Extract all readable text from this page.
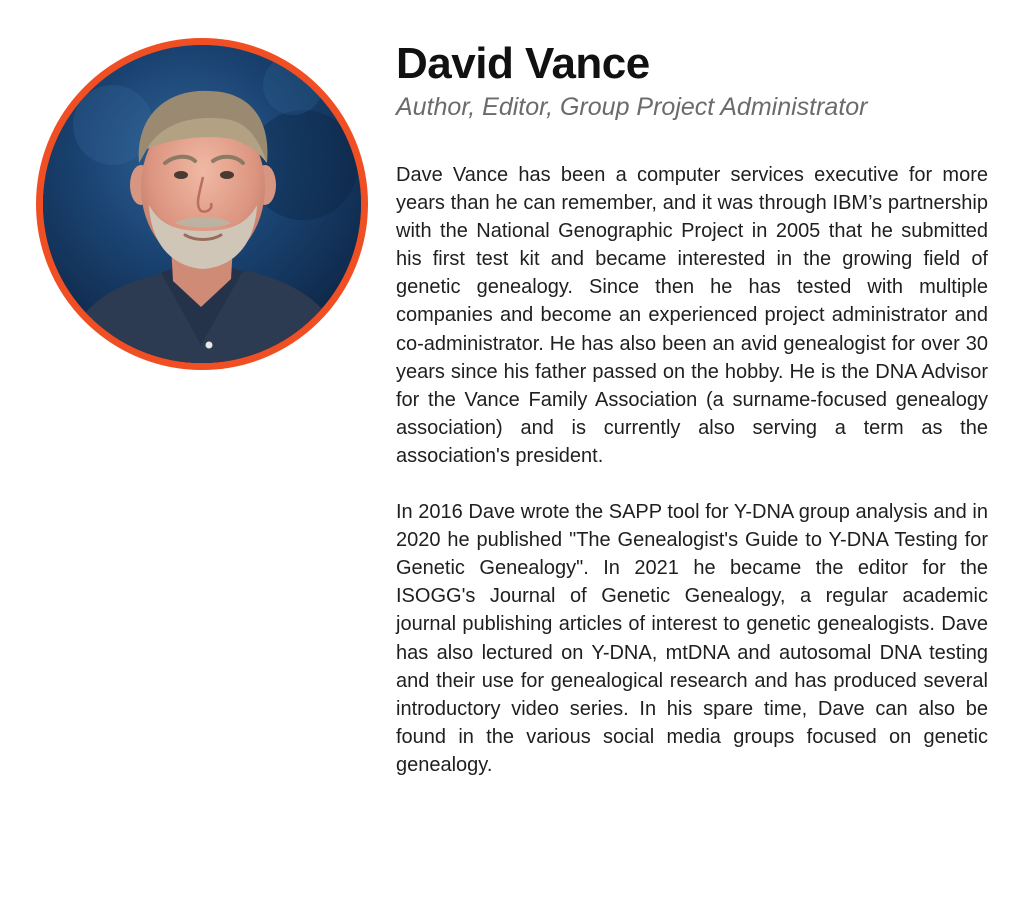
David Vance
Author, Editor, Group Project Administrator

Dave Vance has been a computer services executive for more years than he can remember, and it was through IBM’s partnership with the National Genographic Project in 2005 that he submitted his first test kit and became interested in the growing field of genetic genealogy. Since then he has tested with multiple companies and become an experienced project administrator and co-administrator. He has also been an avid genealogist for over 30 years since his father passed on the hobby. He is the DNA Advisor for the Vance Family Association (a surname-focused genealogy association) and is currently also serving a term as the association's president.

In 2016 Dave wrote the SAPP tool for Y-DNA group analysis and in 2020 he published "The Genealogist's Guide to Y-DNA Testing for Genetic Genealogy". In 2021 he became the editor for the ISOGG's Journal of Genetic Genealogy, a regular academic journal publishing articles of interest to genetic genealogists. Dave has also lectured on Y-DNA, mtDNA and autosomal DNA testing and their use for genealogical research and has produced several introductory video series. In his spare time, Dave can also be found in the various social media groups focused on genetic genealogy.
